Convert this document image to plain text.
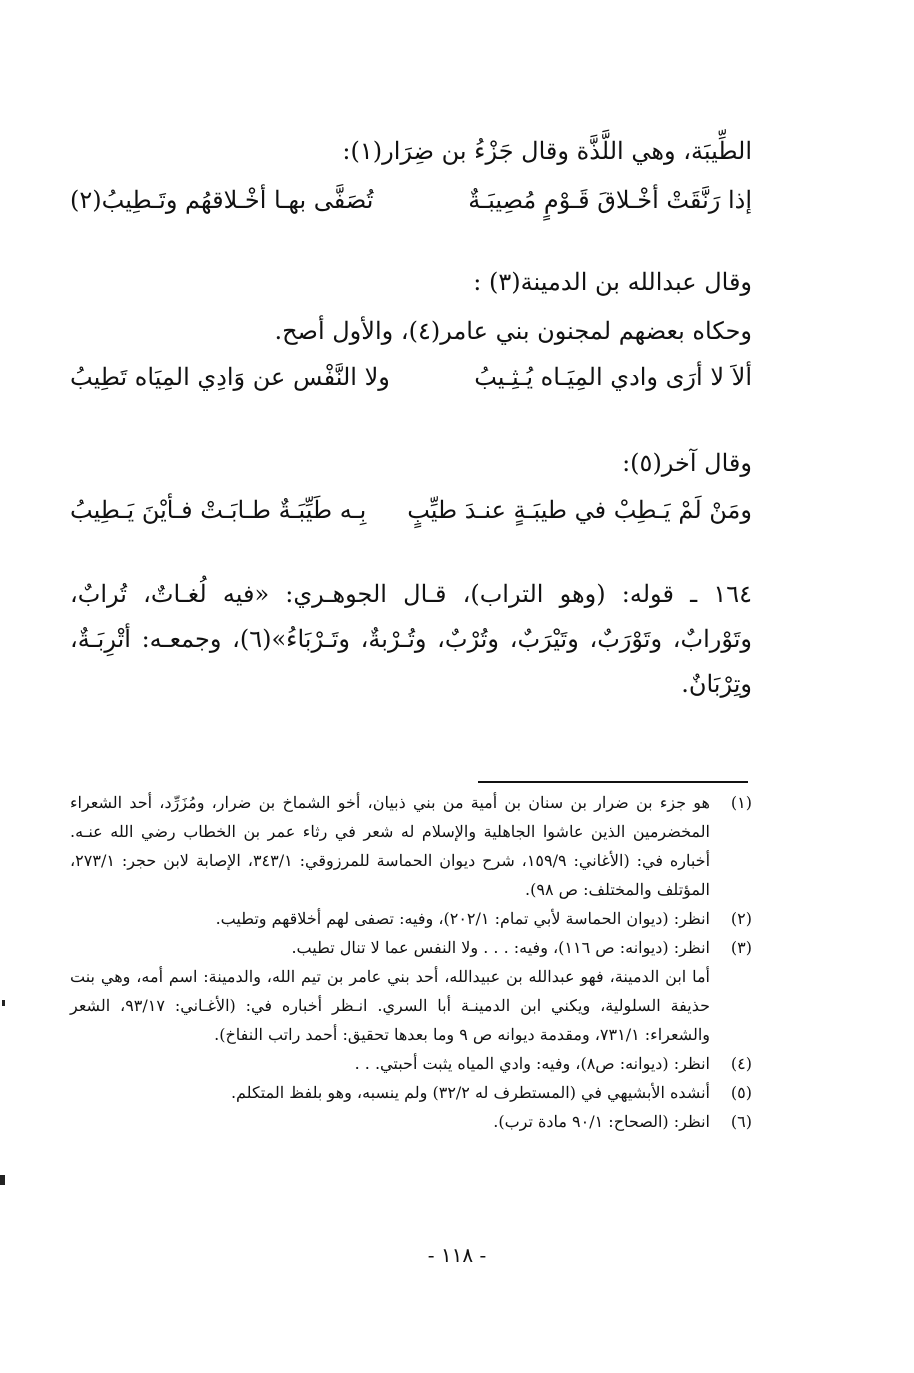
الطِّيبَة، وهي اللَّذَّة وقال جَزْءُ بن ضِرَار(١):
إذا رَنَّقَتْ أخْـلاقَ قَـوْمٍ مُصِيبَـةٌ
تُصَفَّى بهـا أخْـلاقهُم وتَـطِيبُ(٢)
وقال عبدالله بن الدمينة(٣) :
وحكاه بعضهم لمجنون بني عامر(٤)، والأول أصح.
ألاَ لا أرَى وادي المِيَـاه يُـثِـيبُ
ولا النَّفْس عن وَادِي المِيَاه تَطِيبُ
وقال آخر(٥):
ومَنْ لَمْ يَـطِبْ في طيبَـةٍ عنـدَ طيِّبٍ
بِـه طَيِّبَـةٌ طـابَـتْ فـأيْنَ يَـطِيبُ
١٦٤ ـ قوله: (وهو التراب)، قـال الجوهـري: «فيه لُغـاتٌ، تُرابٌ، وتَوْرابٌ، وتَوْرَبٌ، وتَيْرَبٌ، وتُرْبٌ، وتُـرْبةٌ، وتَـرْبَاءُ»(٦)، وجمعـه: أتْرِبَـةٌ، وتِرْبَانٌ.
(١)
هو جزء بن ضرار بن سنان بن أمية من بني ذبيان، أخو الشماخ بن ضرار، ومُزَرِّد، أحد الشعراء المخضرمين الذين عاشوا الجاهلية والإسلام له شعر في رثاء عمر بن الخطاب رضي الله عنـه. أخباره في: (الأغاني: ١٥٩/٩، شرح ديوان الحماسة للمرزوقي: ٣٤٣/١، الإصابة لابن حجر: ٢٧٣/١، المؤتلف والمختلف: ص ٩٨).
(٢)
انظر: (ديوان الحماسة لأبي تمام: ٢٠٢/١)، وفيه: تصفى لهم أخلاقهم وتطيب.
(٣)
انظر: (ديوانه: ص ١١٦)، وفيه: . . . ولا النفس عما لا تنال تطيب.
أما ابن الدمينة، فهو عبدالله بن عبيدالله، أحد بني عامر بن تيم الله، والدمينة: اسم أمه، وهي بنت حذيفة السلولية، ويكني ابن الدمينـة أبا السري. انـظر أخباره في: (الأغـاني: ٩٣/١٧، الشعر والشعراء: ٧٣١/١، ومقدمة ديوانه ص ٩ وما بعدها تحقيق: أحمد راتب النفاخ).
(٤)
انظر: (ديوانه: ص٨)، وفيه: وادي المياه يثبت أحبتي. . .
(٥)
أنشده الأبشيهي في (المستطرف له ٣٢/٢) ولم ينسبه، وهو بلفظ المتكلم.
(٦)
انظر: (الصحاح: ٩٠/١ مادة ترب).
- ١١٨ -
